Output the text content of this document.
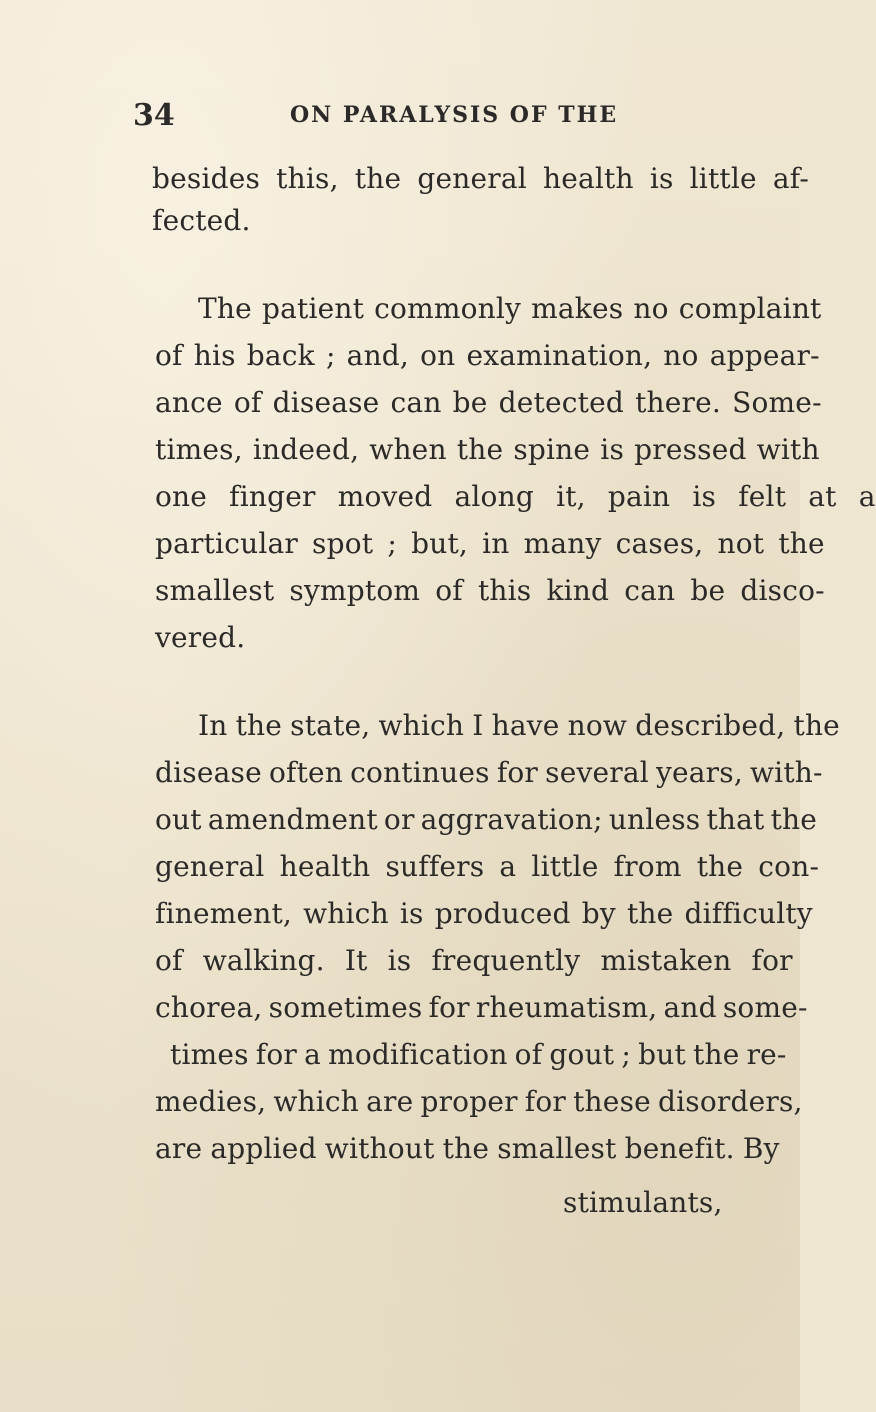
34	ON PARALYSIS OF THE
besides this, the general health is little af-
fected.
The patient commonly makes no complaint
of his back ; and, on examination, no appear-
ance of disease can be detected there. Some-
times, indeed, when the spine is pressed with
one finger moved along it, pain is felt at a
particular spot ; but, in many cases, not the
smallest symptom of this kind can be disco-
vered.
In the state, which I have now described, the
disease often continues for several years, with-
out amendment or aggravation; unless that the
general health suffers a little from the con-
finement, which is produced by the difficulty
of walking. It is frequently mistaken for
chorea, sometimes for rheumatism, and some-
times for a modification of gout ; but the re-
medies, which are proper for these disorders,
are applied without the smallest benefit. By
stimulants,
